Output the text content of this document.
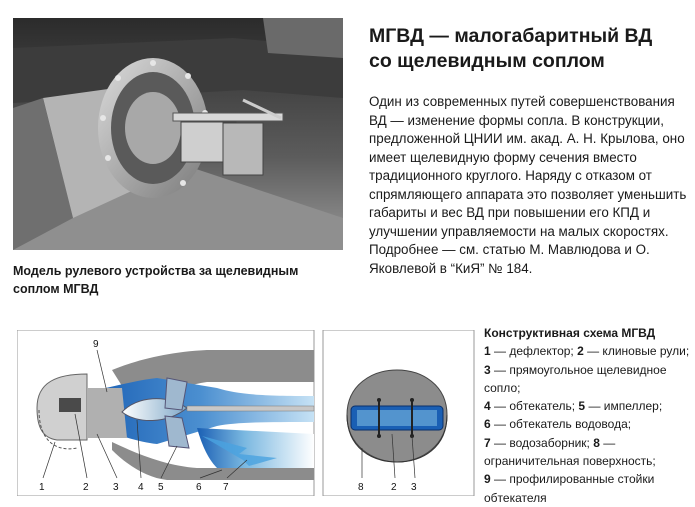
Модель рулевого устройства за щелевидным соплом МГВД
МГВД — малогабаритный ВД со щелевидным соплом
Один из современных путей совершенствования ВД — изменение формы сопла. В конструкции, предложенной ЦНИИ им. акад. А. Н. Крылова, оно имеет щелевидную форму сечения вместо традиционного круглого. Наряду с отказом от спрямляющего аппарата это позволяет уменьшить габариты и вес ВД при повышении его КПД и улучшении управляемости на малых скоростях. Подробнее — см. статью М. Мавлюдова и О. Яковлевой в “КиЯ” № 184.
1	2 3 4 5	6 7
9
8	2 3
Конструктивная схема МГВД
1 — дефлектор; 2 — клиновые рули; 3 — прямоугольное щелевидное сопло;
4 — обтекатель; 5 — импеллер;
6 — обтекатель водовода;
7 — водозаборник; 8 — ограничительная поверхность;
9 — профилированные стойки обтекателя
